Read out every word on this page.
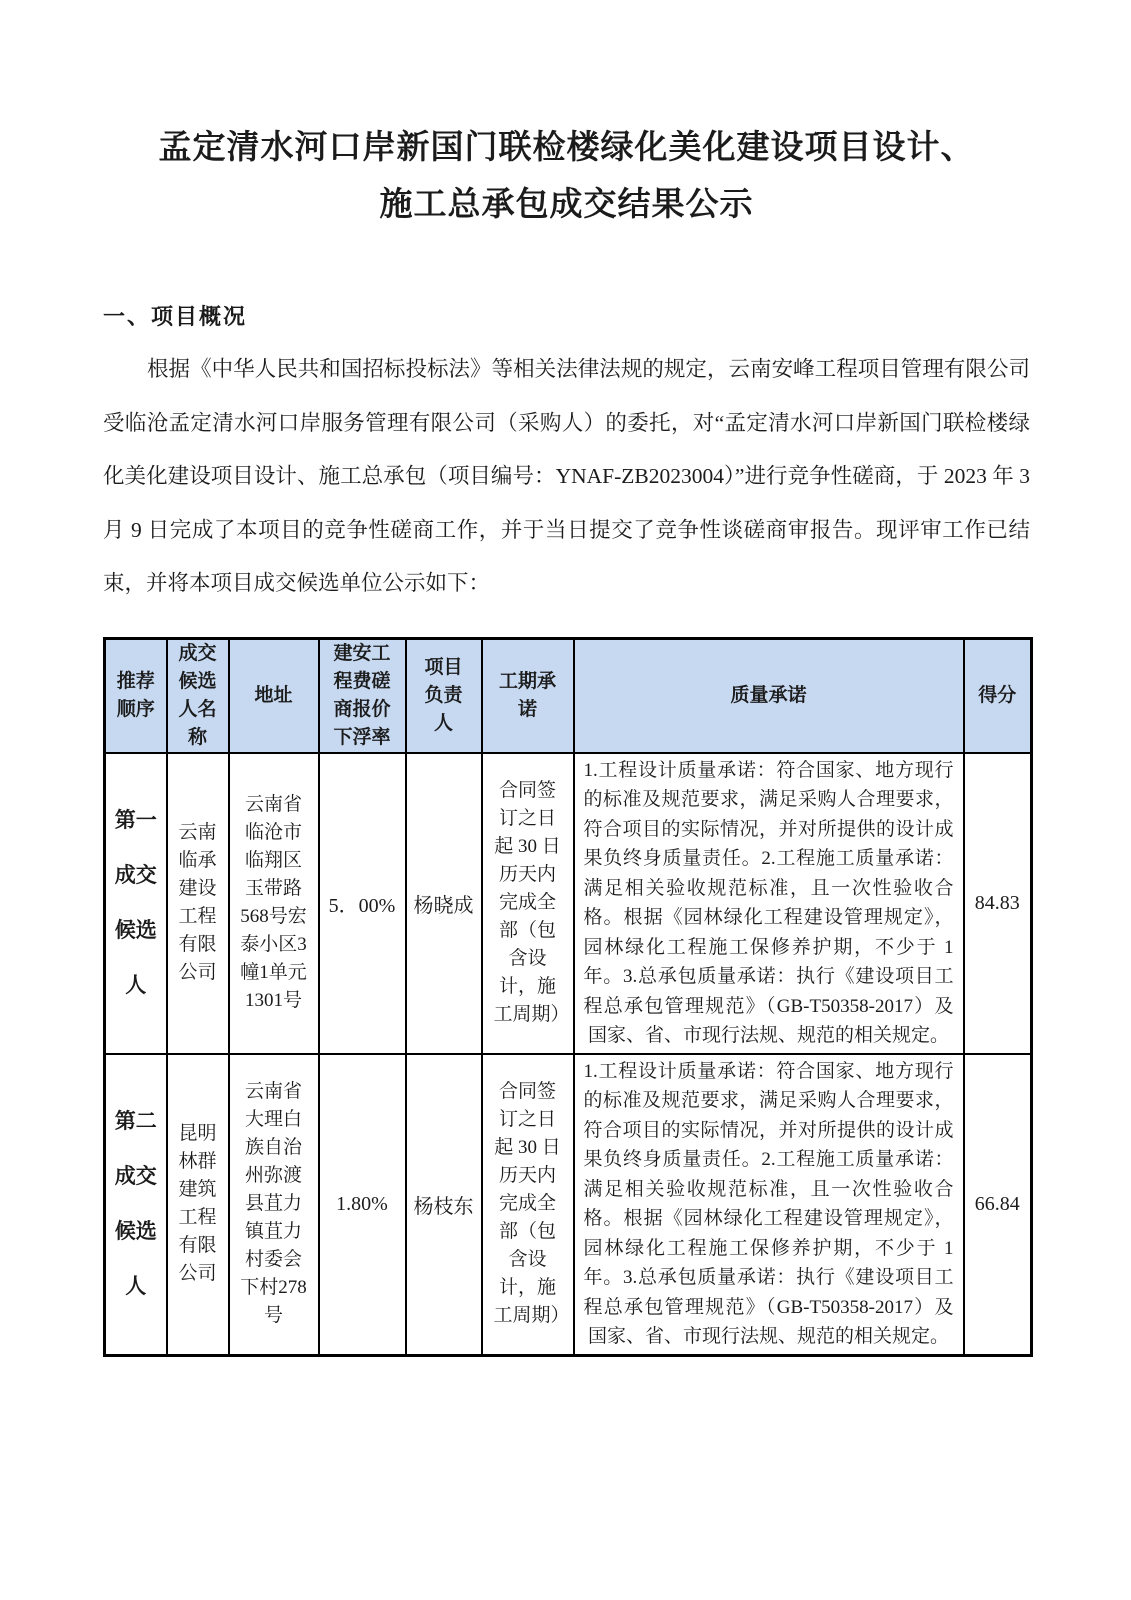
孟定清水河口岸新国门联检楼绿化美化建设项目设计、
施工总承包成交结果公示
一、项目概况

根据《中华人民共和国招标投标法》等相关法律法规的规定，云南安峰工程项目管理有限公司受临沧孟定清水河口岸服务管理有限公司（采购人）的委托，对“孟定清水河口岸新国门联检楼绿化美化建设项目设计、施工总承包（项目编号：YNAF-ZB2023004）”进行竞争性磋商，于 2023 年 3 月 9 日完成了本项目的竞争性磋商工作，并于当日提交了竞争性谈磋商审报告。现评审工作已结束，并将本项目成交候选单位公示如下：

推荐顺序	成交候选人名称	地址	建安工程费磋商报价下浮率	项目负责人	工期承诺	质量承诺	得分
第一成交候选人	云南临承建设工程有限公司	云南省临沧市临翔区玉带路568号宏泰小区3幢1单元1301号	5．00%	杨晓成	合同签订之日起 30 日历天内完成全部（包含设计，施工周期）	1.工程设计质量承诺：符合国家、地方现行的标准及规范要求，满足采购人合理要求，符合项目的实际情况，并对所提供的设计成果负终身质量责任。2.工程施工质量承诺：满足相关验收规范标准，且一次性验收合格。根据《园林绿化工程建设管理规定》，园林绿化工程施工保修养护期，不少于 1 年。3.总承包质量承诺：执行《建设项目工程总承包管理规范》（GB-T50358-2017）及国家、省、市现行法规、规范的相关规定。	84.83
第二成交候选人	昆明林群建筑工程有限公司	云南省大理白族自治州弥渡县苴力镇苴力村委会下村278号	1.80%	杨枝东	合同签订之日起 30 日历天内完成全部（包含设计，施工周期）	1.工程设计质量承诺：符合国家、地方现行的标准及规范要求，满足采购人合理要求，符合项目的实际情况，并对所提供的设计成果负终身质量责任。2.工程施工质量承诺：满足相关验收规范标准，且一次性验收合格。根据《园林绿化工程建设管理规定》，园林绿化工程施工保修养护期，不少于 1 年。3.总承包质量承诺：执行《建设项目工程总承包管理规范》（GB-T50358-2017）及国家、省、市现行法规、规范的相关规定。	66.84
